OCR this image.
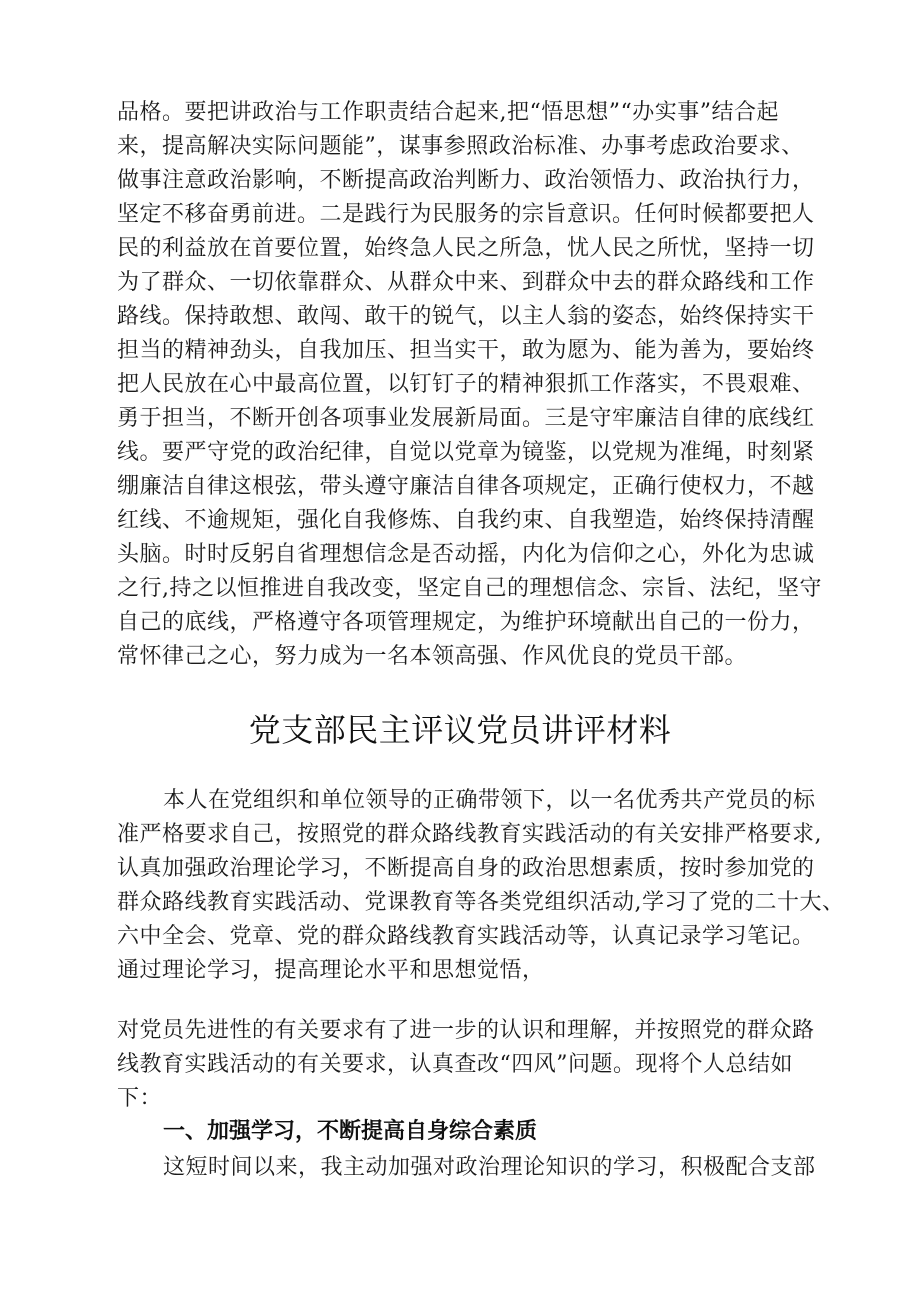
品格。要把讲政治与工作职责结合起来,把“悟思想”“办实事”结合起
来，提高解决实际问题能”，谋事参照政治标准、办事考虑政治要求、
做事注意政治影响，不断提高政治判断力、政治领悟力、政治执行力，
坚定不移奋勇前进。二是践行为民服务的宗旨意识。任何时候都要把人
民的利益放在首要位置，始终急人民之所急，忧人民之所忧，坚持一切
为了群众、一切依靠群众、从群众中来、到群众中去的群众路线和工作
路线。保持敢想、敢闯、敢干的锐气，以主人翁的姿态，始终保持实干
担当的精神劲头，自我加压、担当实干，敢为愿为、能为善为，要始终
把人民放在心中最高位置，以钉钉子的精神狠抓工作落实，不畏艰难、
勇于担当，不断开创各项事业发展新局面。三是守牢廉洁自律的底线红
线。要严守党的政治纪律，自觉以党章为镜鉴，以党规为准绳，时刻紧
绷廉洁自律这根弦，带头遵守廉洁自律各项规定，正确行使权力，不越
红线、不逾规矩，强化自我修炼、自我约束、自我塑造，始终保持清醒
头脑。时时反躬自省理想信念是否动摇，内化为信仰之心，外化为忠诚
之行,持之以恒推进自我改变，坚定自己的理想信念、宗旨、法纪，坚守
自己的底线，严格遵守各项管理规定，为维护环境献出自己的一份力，
常怀律己之心，努力成为一名本领高强、作风优良的党员干部。
党支部民主评议党员讲评材料
本人在党组织和单位领导的正确带领下，以一名优秀共产党员的标
准严格要求自己，按照党的群众路线教育实践活动的有关安排严格要求,
认真加强政治理论学习，不断提高自身的政治思想素质，按时参加党的
群众路线教育实践活动、党课教育等各类党组织活动,学习了党的二十大、
六中全会、党章、党的群众路线教育实践活动等，认真记录学习笔记。
通过理论学习，提高理论水平和思想觉悟，
对党员先进性的有关要求有了进一步的认识和理解，并按照党的群众路
线教育实践活动的有关要求，认真查改“四风”问题。现将个人总结如
下：
一、加强学习，不断提高自身综合素质
这短时间以来，我主动加强对政治理论知识的学习，积极配合支部
